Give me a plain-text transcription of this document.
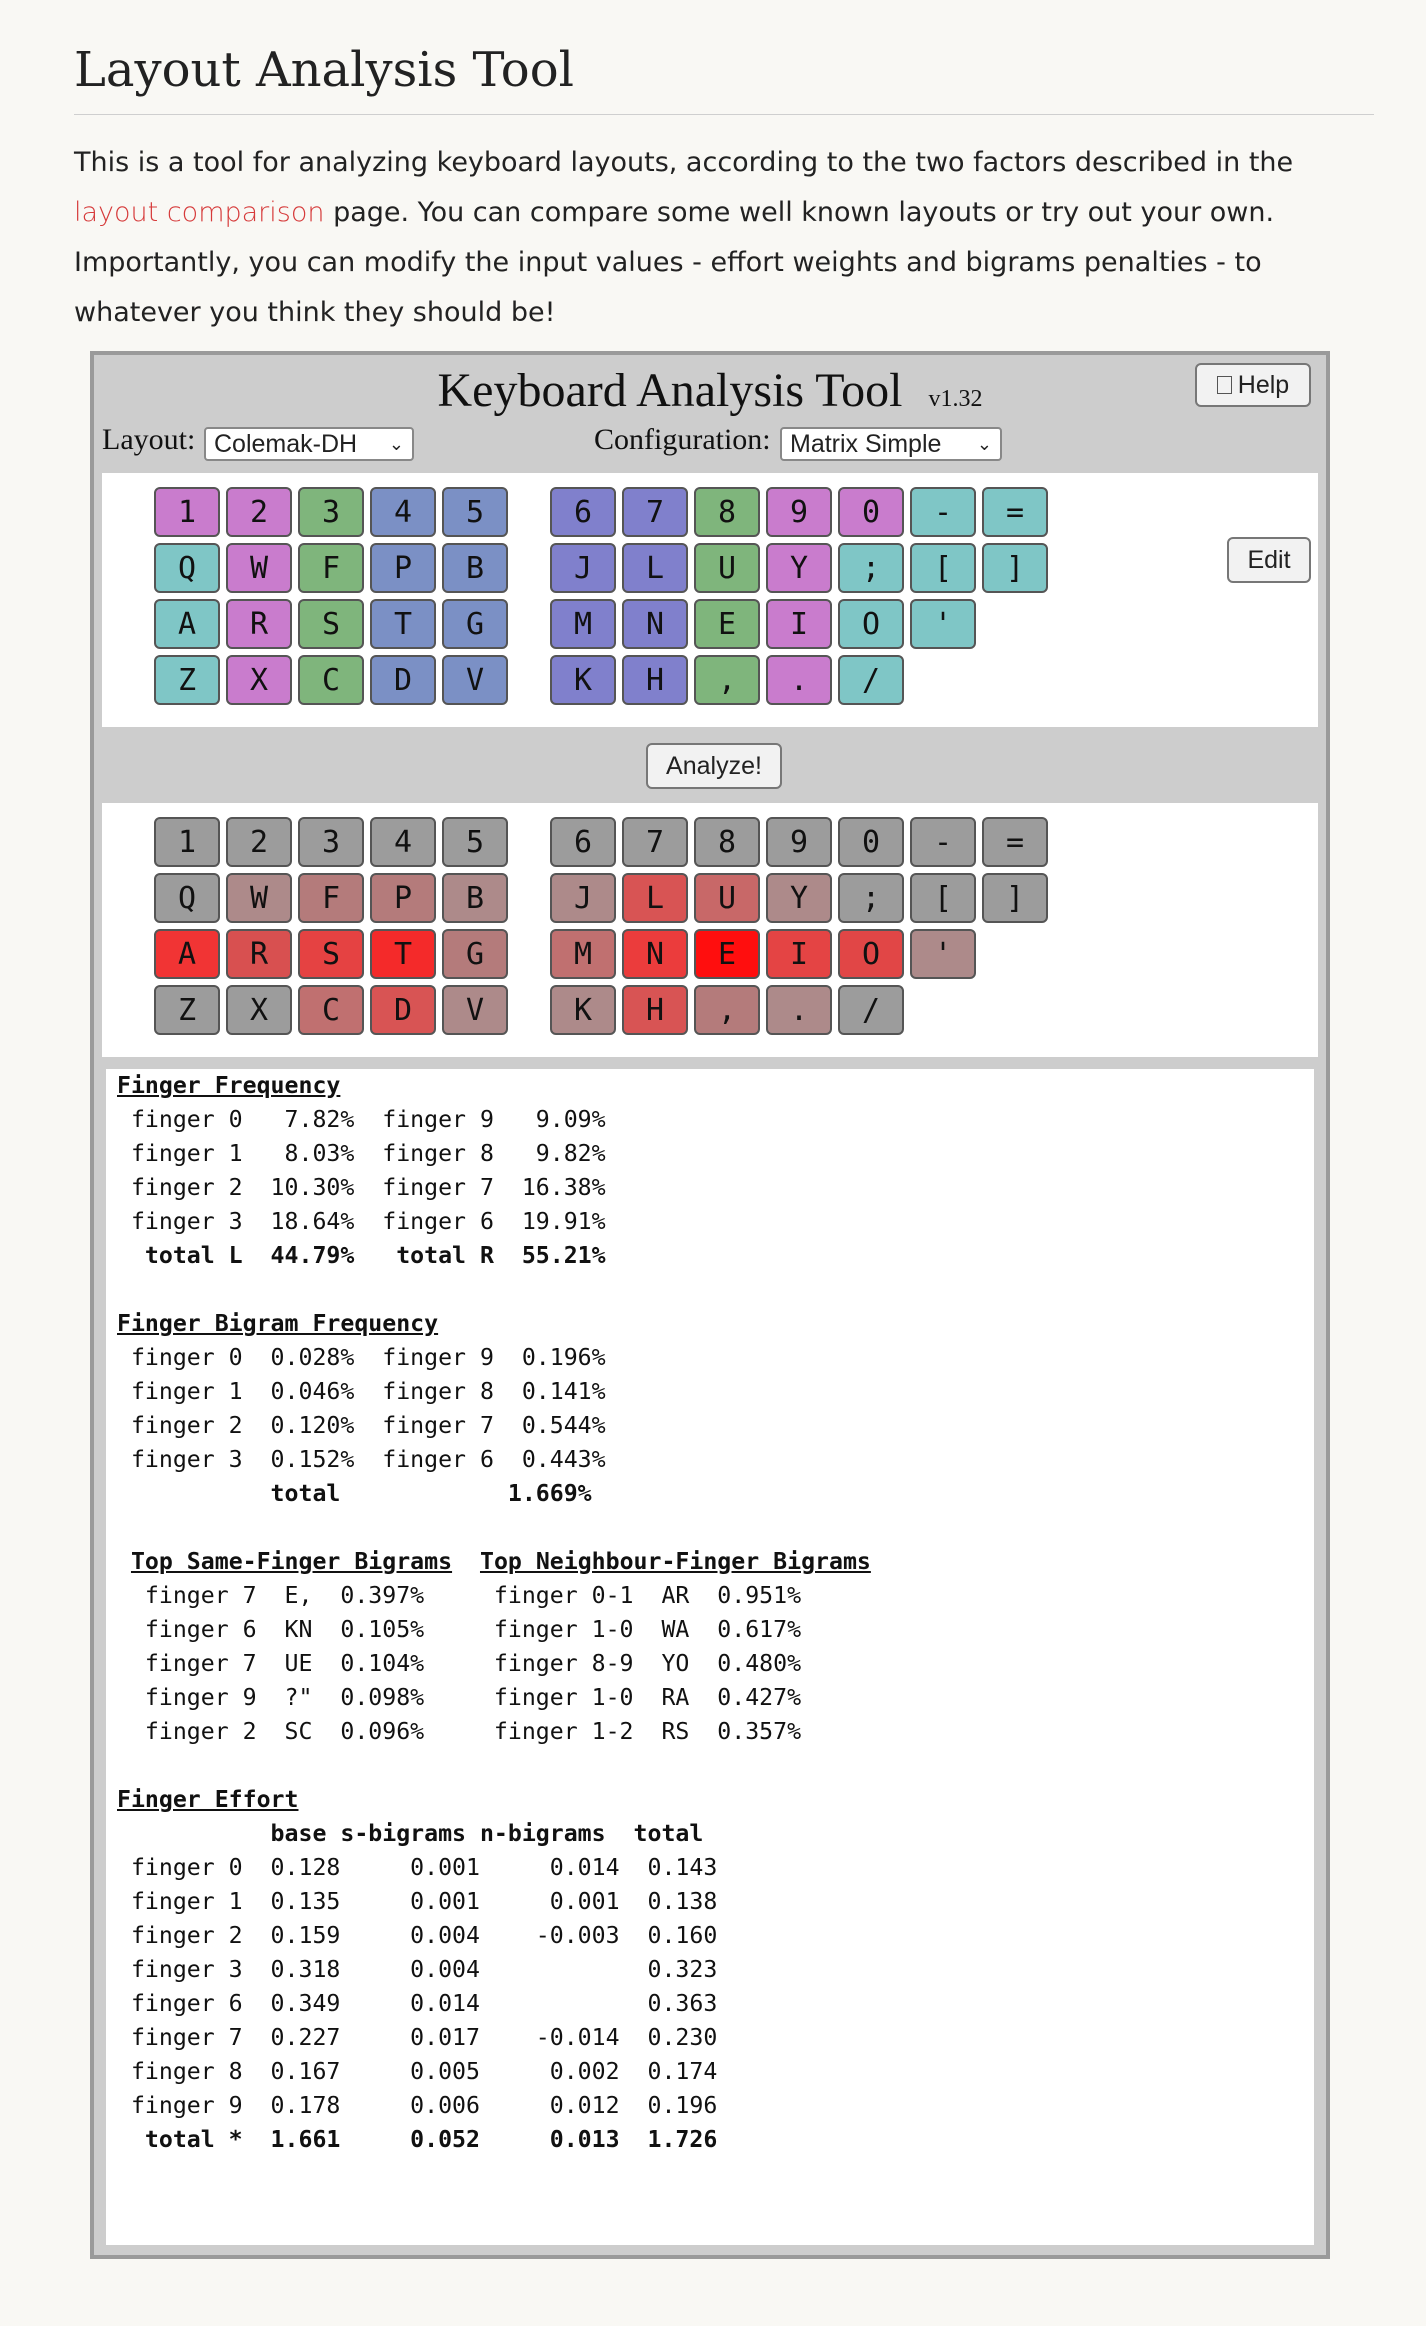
Layout Analysis Tool
This is a tool for analyzing keyboard layouts, according to the two factors described in the layout comparison page. You can compare some well known layouts or try out your own. Importantly, you can modify the input values - effort weights and bigrams penalties - to whatever you think they should be!
Keyboard Analysis Tool v1.32
Help
Layout: Colemak-DH ⌄	Configuration: Matrix Simple ⌄
Edit
1	2	3	4	5	6	7	8	9	0	-	=
Q	W	F	P	B	J	L	U	Y	;	[	]
A	R	S	T	G	M	N	E	I	O	'
Z	X	C	D	V	K	H	,	.	/
Analyze!
1	2	3	4	5	6	7	8	9	0	-	=
Q	W	F	P	B	J	L	U	Y	;	[	]
A	R	S	T	G	M	N	E	I	O	'
Z	X	C	D	V	K	H	,	.	/
Finger Frequency
finger 0   7.82%  finger 9   9.09%
finger 1   8.03%  finger 8   9.82%
finger 2  10.30%  finger 7  16.38%
finger 3  18.64%  finger 6  19.91%
total L  44.79%   total R  55.21%

Finger Bigram Frequency
finger 0  0.028%  finger 9  0.196%
finger 1  0.046%  finger 8  0.141%
finger 2  0.120%  finger 7  0.544%
finger 3  0.152%  finger 6  0.443%
total            1.669%

Top Same-Finger Bigrams Top Neighbour-Finger Bigrams
finger 7  E,  0.397%     finger 0-1  AR  0.951%
finger 6  KN  0.105%     finger 1-0  WA  0.617%
finger 7  UE  0.104%     finger 8-9  YO  0.480%
finger 9  ?"  0.098%     finger 1-0  RA  0.427%
finger 2  SC  0.096%     finger 1-2  RS  0.357%

Finger Effort
base s-bigrams n-bigrams  total
finger 0  0.128     0.001     0.014  0.143
finger 1  0.135     0.001     0.001  0.138
finger 2  0.159     0.004    -0.003  0.160
finger 3  0.318     0.004            0.323
finger 6  0.349     0.014            0.363
finger 7  0.227     0.017    -0.014  0.230
finger 8  0.167     0.005     0.002  0.174
finger 9  0.178     0.006     0.012  0.196
total *  1.661     0.052     0.013  1.726
